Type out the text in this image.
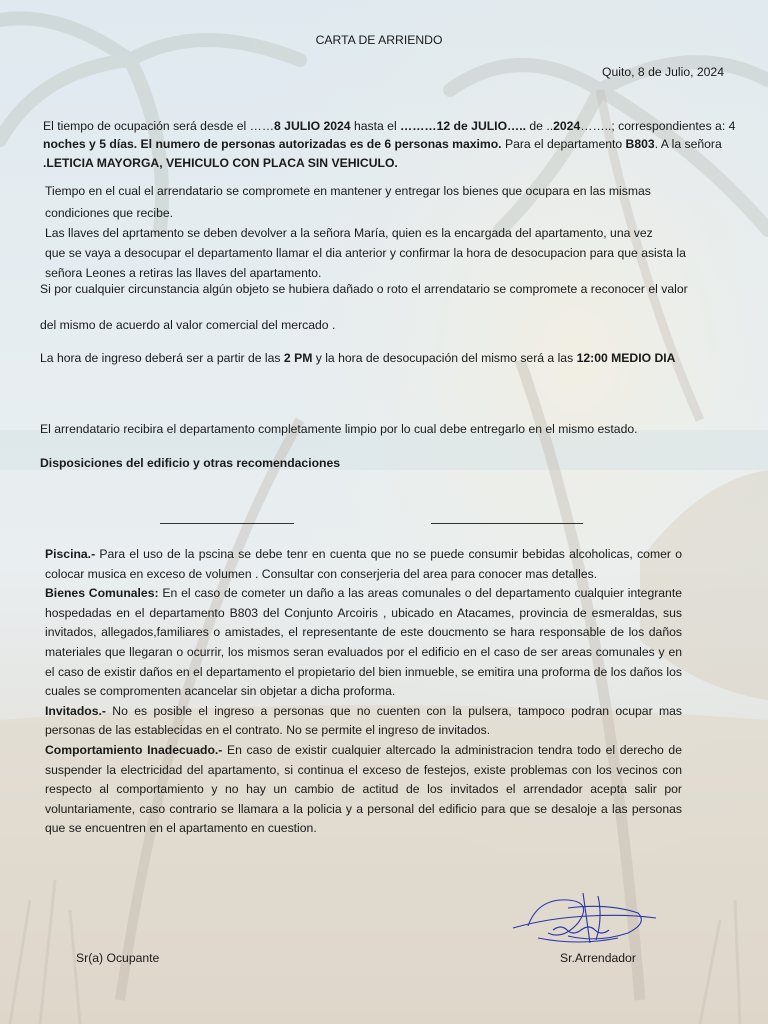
CARTA DE ARRIENDO
Quito, 8 de Julio, 2024
El tiempo de ocupación será desde el ……8 JULIO 2024 hasta el ………12 de JULIO….. de ..2024……..; correspondientes a: 4
noches y 5 días. El numero de personas autorizadas es de 6 personas maximo. Para el departamento B803. A la señora
.LETICIA MAYORGA, VEHICULO CON PLACA SIN VEHICULO.
Tiempo en el cual el arrendatario se compromete en mantener y entregar los bienes que ocupara en las mismas
condiciones que recibe.
Las llaves del aprtamento se deben devolver a la señora María, quien es la encargada del apartamento, una vez
que se vaya a desocupar el departamento llamar el dia anterior y confirmar la hora de desocupacion para que asista la
señora Leones a retiras las llaves del apartamento.
Si por cualquier circunstancia algún objeto se hubiera dañado o roto el arrendatario se compromete a reconocer el valor
del mismo de acuerdo al valor comercial del mercado .
La hora de ingreso deberá ser a partir de las 2 PM y la hora de desocupación del mismo será a las 12:00 MEDIO DIA
El arrendatario recibira el departamento completamente limpio por lo cual debe entregarlo en el mismo estado.
Disposiciones del edificio y otras recomendaciones
Piscina.- Para el uso de la pscina se debe tenr en cuenta que no se puede consumir bebidas alcoholicas, comer o colocar musica en exceso de volumen . Consultar con conserjeria del area para conocer mas detalles.
Bienes Comunales: En el caso de cometer un daño a las areas comunales o del departamento cualquier integrante hospedadas en el departamento B803 del Conjunto Arcoiris , ubicado en Atacames, provincia de esmeraldas, sus invitados, allegados,familiares o amistades, el representante de este doucmento se hara responsable de los daños materiales que llegaran o ocurrir, los mismos seran evaluados por el edificio en el caso de ser areas comunales y en el caso de existir daños en el departamento el propietario del bien inmueble, se emitira una proforma de los daños los cuales se compromenten acancelar sin objetar a dicha proforma.
Invitados.- No es posible el ingreso a personas que no cuenten con la pulsera, tampoco podran ocupar mas personas de las establecidas en el contrato. No se permite el ingreso de invitados.
Comportamiento Inadecuado.- En caso de existir cualquier altercado la administracion tendra todo el derecho de suspender la electricidad del apartamento, si continua el exceso de festejos, existe problemas con los vecinos con respecto al comportamiento y no hay un cambio de actitud de los invitados el arrendador acepta salir por voluntariamente, caso contrario se llamara a la policia y a personal del edificio para que se desaloje a las personas que se encuentren en el apartamento en cuestion.
Sr(a) Ocupante	Sr.Arrendador
